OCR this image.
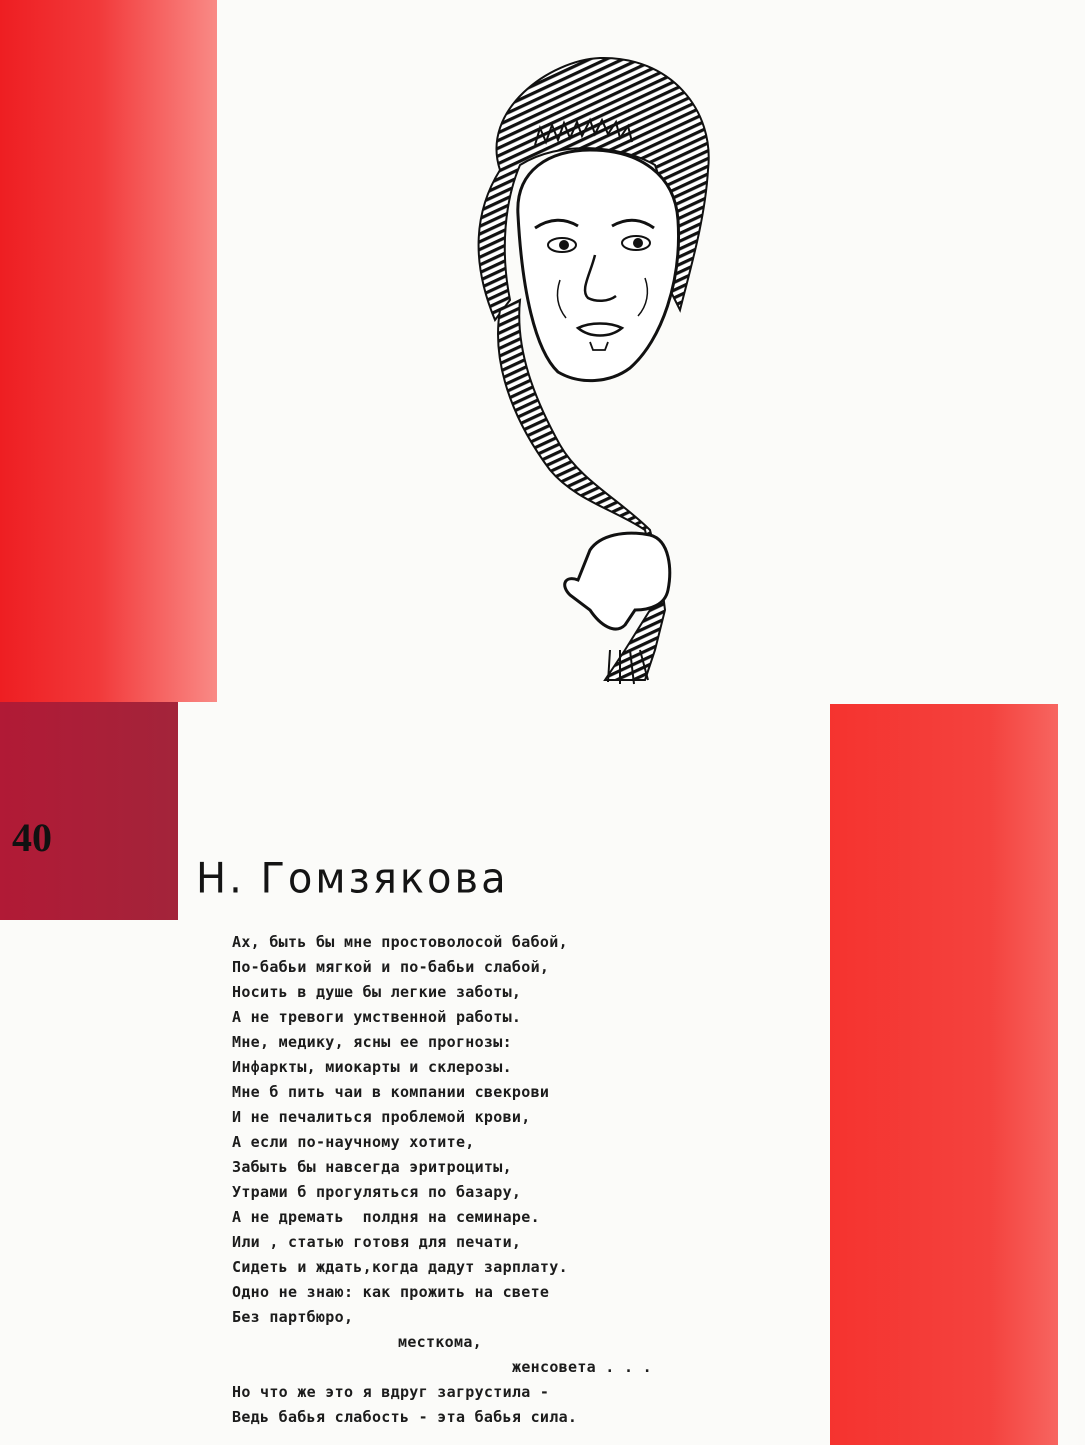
40
Н. Гомзякова
Ах, быть бы мне простоволосой бабой,
По-бабьи мягкой и по-бабьи слабой,
Носить в душе бы легкие заботы,
А не тревоги умственной работы.
Мне, медику, ясны ее прогнозы:
Инфаркты, миокарты и склерозы.
Мне б пить чаи в компании свекрови
И не печалиться проблемой крови,
А если по-научному хотите,
Забыть бы навсегда эритроциты,
Утрами б прогуляться по базару,
А не дремать  полдня на семинаре.
Или , статью готовя для печати,
Сидеть и ждать,когда дадут зарплату.
Одно не знаю: как прожить на свете
Без партбюро,
месткома,
женсовета . . .
Но что же это я вдруг загрустила -
Ведь бабья слабость - эта бабья сила.
